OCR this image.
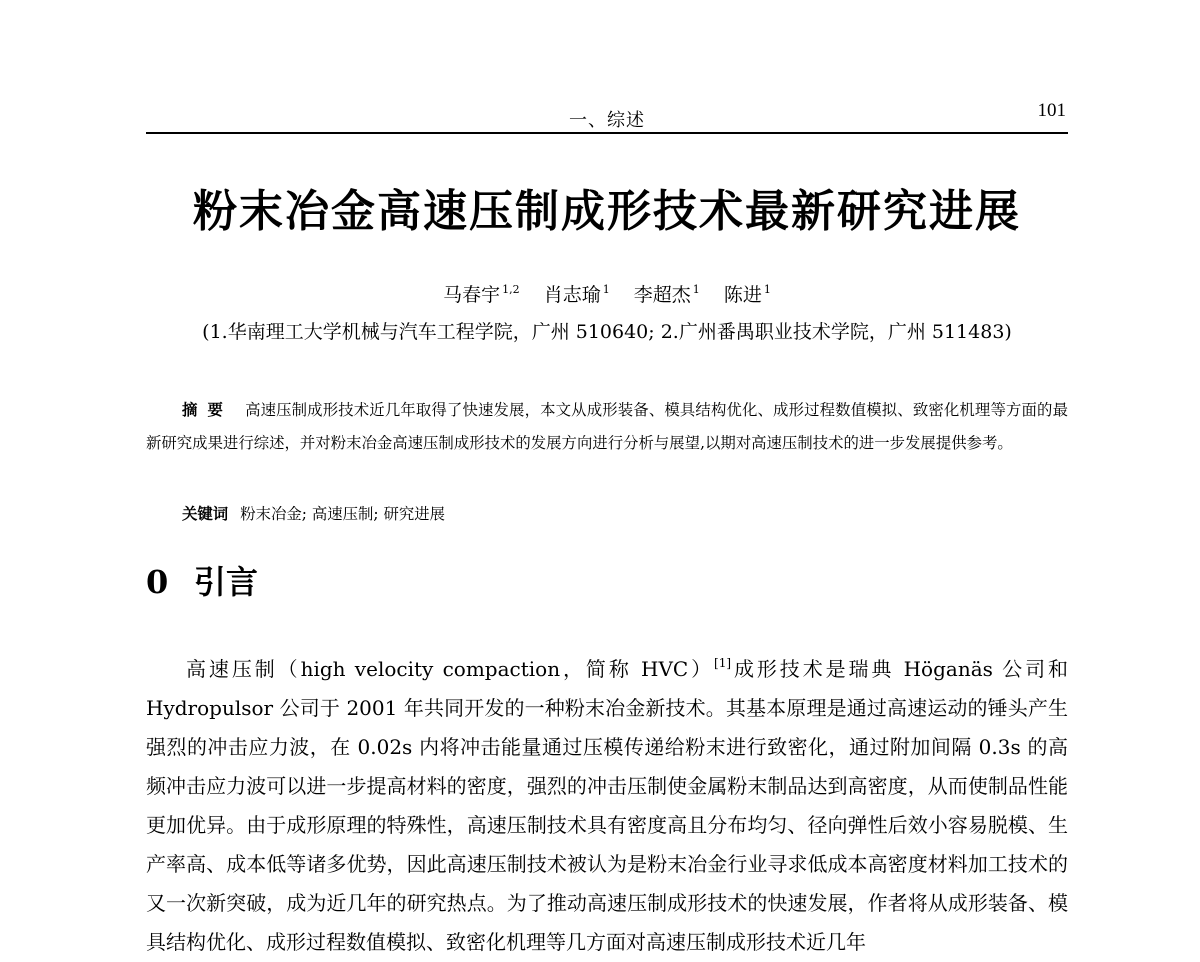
一、综述	101
粉末冶金高速压制成形技术最新研究进展
马春宇 $^{1,2}$ 肖志瑜 $^1$ 李超杰 $^1$ 陈进 $^1$
(1.华南理工大学机械与汽车工程学院，广州 510640; 2.广州番禺职业技术学院，广州 511483)
摘要 高速压制成形技术近几年取得了快速发展，本文从成形装备、模具结构优化、成形过程数值模拟、致密化机理等方面的最新研究成果进行综述，并对粉末冶金高速压制成形技术的发展方向进行分析与展望,以期对高速压制技术的进一步发展提供参考。
关键词 粉末冶金; 高速压制; 研究进展
0 引言
高速压制（high velocity compaction，简称 HVC）[1]成形技术是瑞典 Höganäs 公司和 Hydropulsor 公司于 2001 年共同开发的一种粉末冶金新技术。其基本原理是通过高速运动的锤头产生强烈的冲击应力波，在 0.02s 内将冲击能量通过压模传递给粉末进行致密化，通过附加间隔 0.3s 的高频冲击应力波可以进一步提高材料的密度，强烈的冲击压制使金属粉末制品达到高密度，从而使制品性能更加优异。由于成形原理的特殊性，高速压制技术具有密度高且分布均匀、径向弹性后效小容易脱模、生产率高、成本低等诸多优势，因此高速压制技术被认为是粉末冶金行业寻求低成本高密度材料加工技术的又一次新突破，成为近几年的研究热点。为了推动高速压制成形技术的快速发展，作者将从成形装备、模具结构优化、成形过程数值模拟、致密化机理等几方面对高速压制成形技术近几年
